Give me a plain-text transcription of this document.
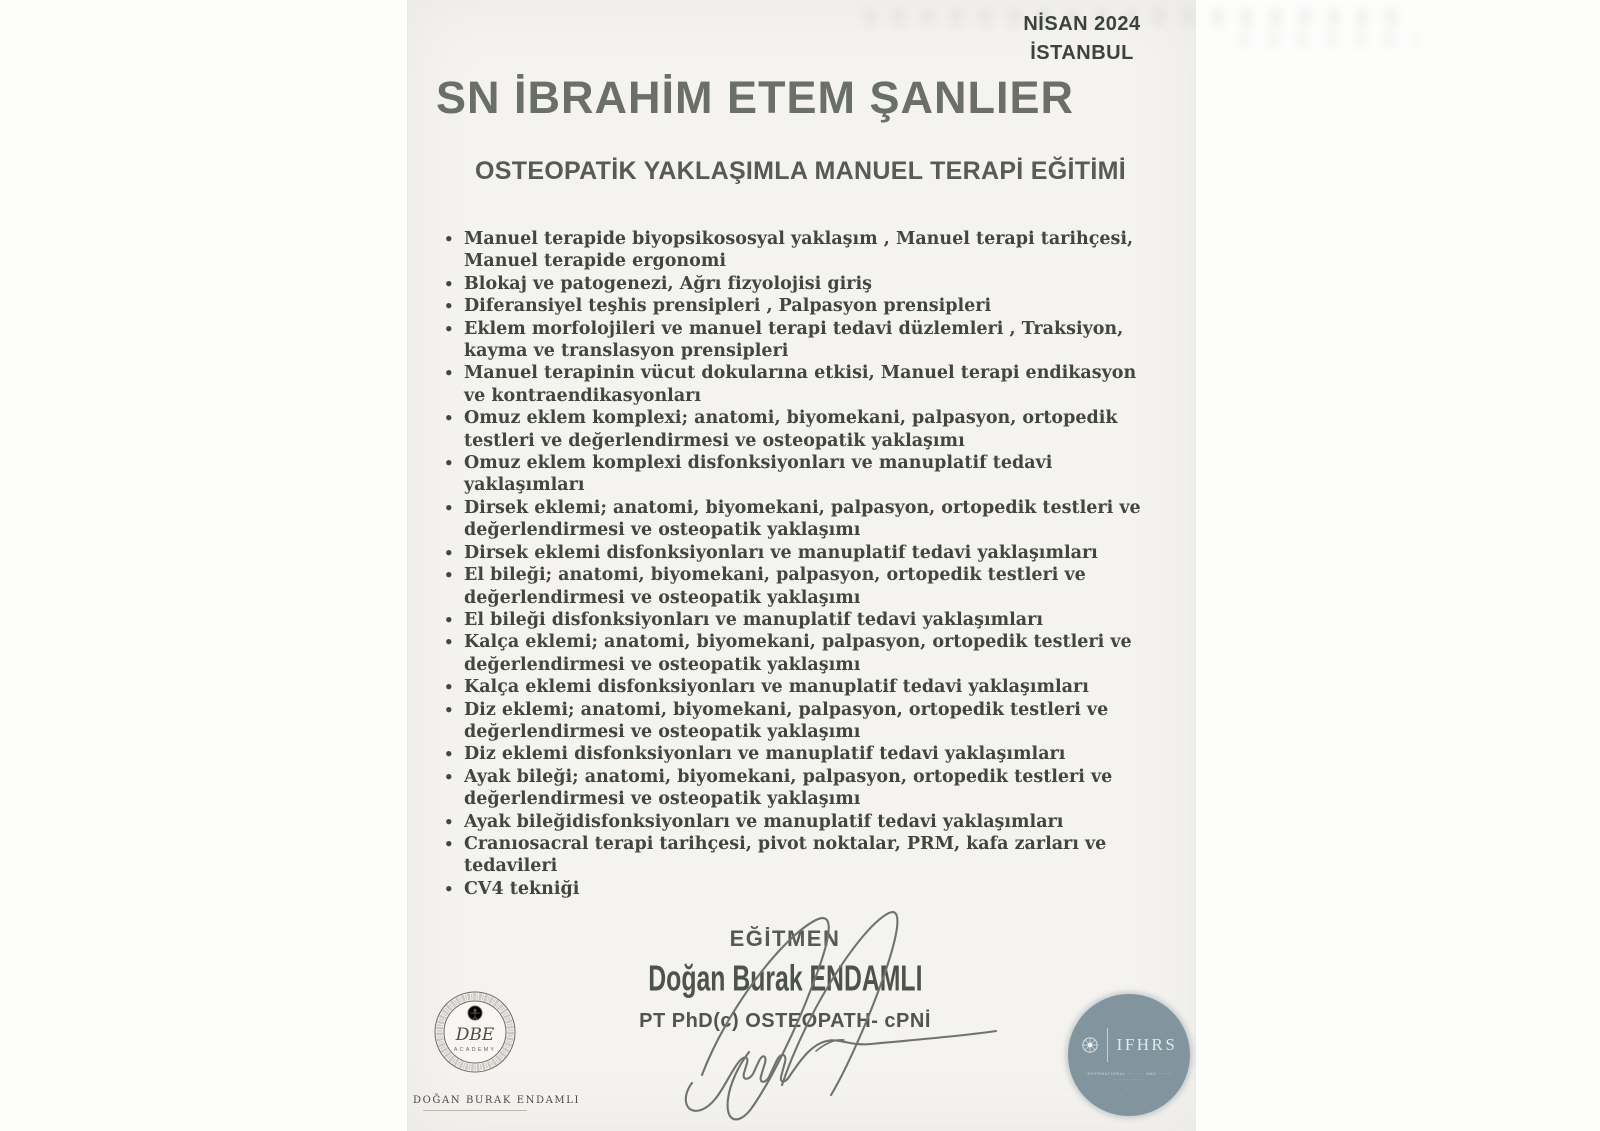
NİSAN 2024
İSTANBUL
SN İBRAHİM ETEM ŞANLIER
OSTEOPATİK YAKLAŞIMLA MANUEL TERAPİ EĞİTİMİ
• Manuel terapide biyopsikososyal yaklaşım , Manuel terapi tarihçesi, Manuel terapide ergonomi
• Blokaj ve patogenezi, Ağrı fizyolojisi giriş
• Diferansiyel teşhis prensipleri , Palpasyon prensipleri
• Eklem morfolojileri ve manuel terapi tedavi düzlemleri , Traksiyon, kayma ve translasyon prensipleri
• Manuel terapinin vücut dokularına etkisi, Manuel terapi endikasyon ve kontraendikasyonları
• Omuz eklem komplexi; anatomi, biyomekani, palpasyon, ortopedik testleri ve değerlendirmesi ve osteopatik yaklaşımı
• Omuz eklem komplexi disfonksiyonları ve manuplatif tedavi yaklaşımları
• Dirsek eklemi; anatomi, biyomekani, palpasyon, ortopedik testleri ve değerlendirmesi ve osteopatik yaklaşımı
• Dirsek eklemi disfonksiyonları ve manuplatif tedavi yaklaşımları
• El bileği; anatomi, biyomekani, palpasyon, ortopedik testleri ve değerlendirmesi ve osteopatik yaklaşımı
• El bileği disfonksiyonları ve manuplatif tedavi yaklaşımları
• Kalça eklemi; anatomi, biyomekani, palpasyon, ortopedik testleri ve değerlendirmesi ve osteopatik yaklaşımı
• Kalça eklemi disfonksiyonları ve manuplatif tedavi yaklaşımları
• Diz eklemi; anatomi, biyomekani, palpasyon, ortopedik testleri ve değerlendirmesi ve osteopatik yaklaşımı
• Diz eklemi disfonksiyonları ve manuplatif tedavi yaklaşımları
• Ayak bileği; anatomi, biyomekani, palpasyon, ortopedik testleri ve değerlendirmesi ve osteopatik yaklaşımı
• Ayak bileğidisfonksiyonları ve manuplatif tedavi yaklaşımları
• Cranıosacral terapi tarihçesi, pivot noktalar, PRM, kafa zarları ve tedavileri
• CV4 tekniği
EĞİTMEN
Doğan Burak ENDAMLI
PT PhD(c) OSTEOPATH- cPNİ
DBE
ACADEMY
DOĞAN BURAK ENDAMLI
IFHRS
INTERNATIONAL ········· AND ·······
········ ·······
····
